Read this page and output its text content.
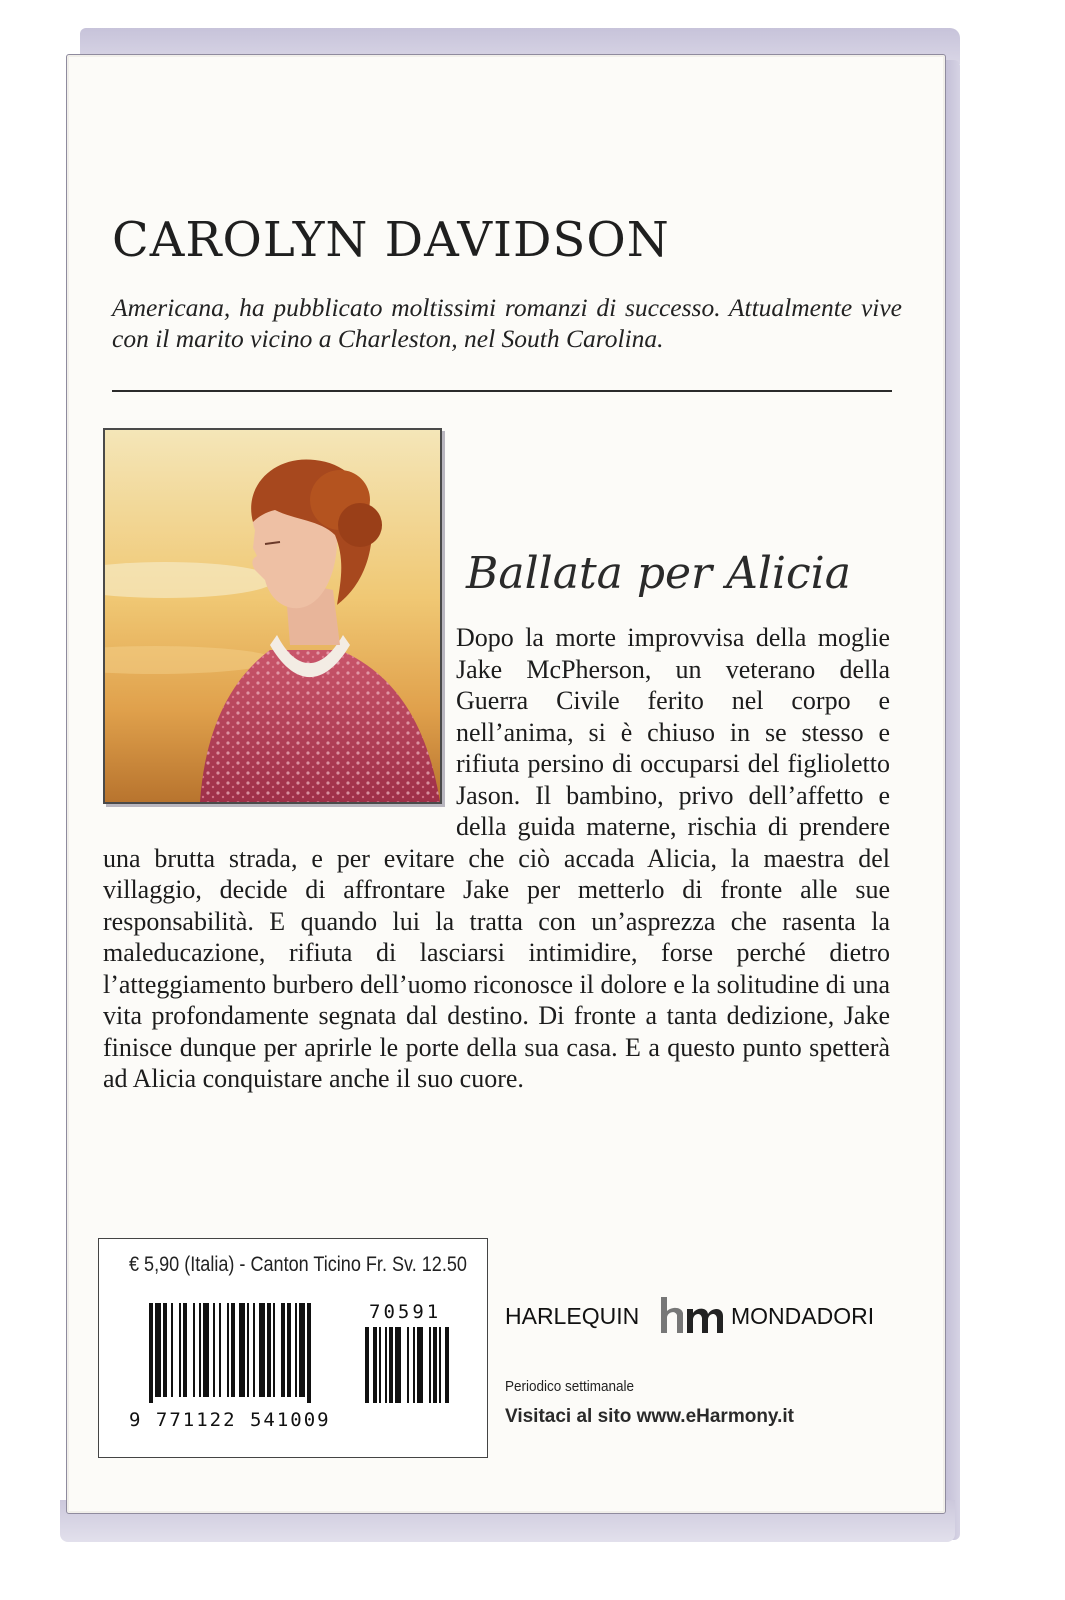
CAROLYN DAVIDSON
Americana, ha pubblicato moltissimi romanzi di successo. Attualmente vive con il marito vicino a Charleston, nel South Carolina.
Ballata per Alicia

Dopo la morte improvvisa della moglie Jake McPherson, un veterano della Guerra Civile ferito nel corpo e nell’anima, si è chiuso in se stesso e rifiuta persino di occuparsi del figlioletto Jason. Il bambino, privo dell’affetto e della guida materne, rischia di prendere una brutta strada, e per evitare che ciò accada Alicia, la maestra del villaggio, decide di affrontare Jake per metterlo di fronte alle sue responsabilità. E quando lui la tratta con un’asprezza che rasenta la maleducazione, rifiuta di lasciarsi intimidire, forse perché dietro l’atteggiamento burbero dell’uomo riconosce il dolore e la solitudine di una vita profondamente segnata dal destino. Di fronte a tanta dedizione, Jake finisce dunque per aprirle le porte della sua casa. E a questo punto spetterà ad Alicia conquistare anche il suo cuore.

€ 5,90 (Italia) - Canton Ticino Fr. Sv. 12.50
70591
9 771122 541009
HARLEQUIN	MONDADORI
Periodico settimanale
Visitaci al sito www.eHarmony.it
